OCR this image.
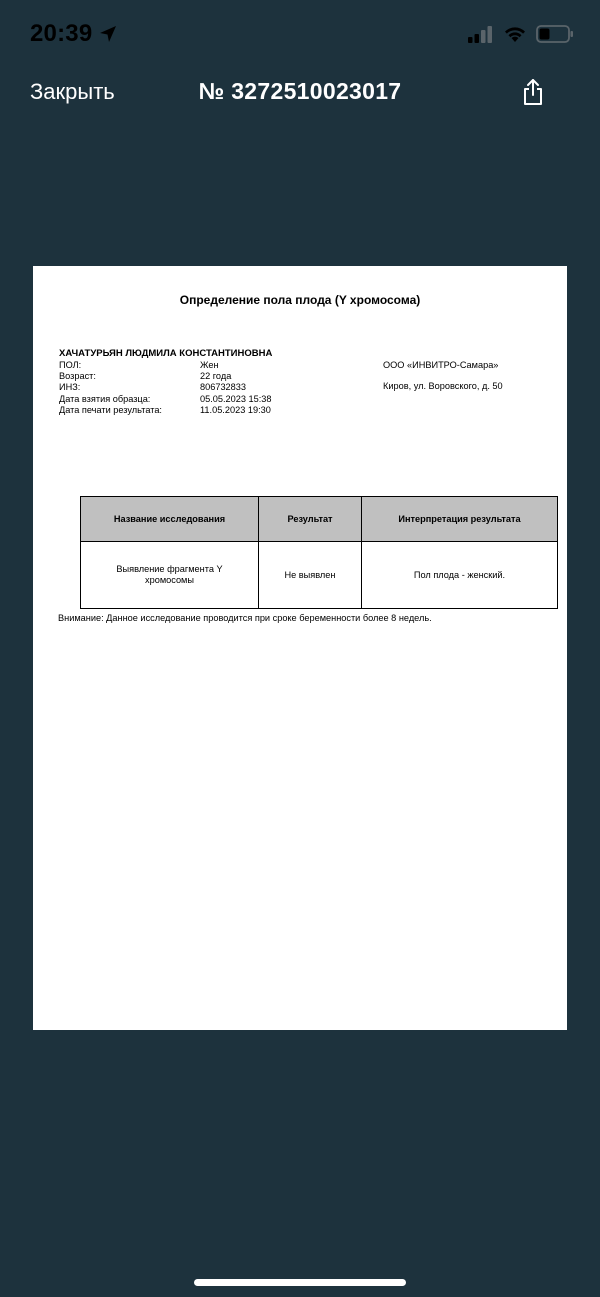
20:39
Закрыть	№ 3272510023017
Определение пола плода (Y хромосома)
ХАЧАТУРЬЯН ЛЮДМИЛА КОНСТАНТИНОВНА
ПОЛ:	Жен
Возраст:	22 года
ИНЗ:	806732833
Дата взятия образца:	05.05.2023 15:38
Дата печати результата:	11.05.2023 19:30
ООО «ИНВИТРО-Самара»
Киров, ул. Воровского, д. 50
Название исследования	Результат	Интерпретация результата
Выявление фрагмента Y
хромосомы	Не выявлен	Пол плода - женский.
Внимание: Данное исследование проводится при сроке беременности более 8 недель.
